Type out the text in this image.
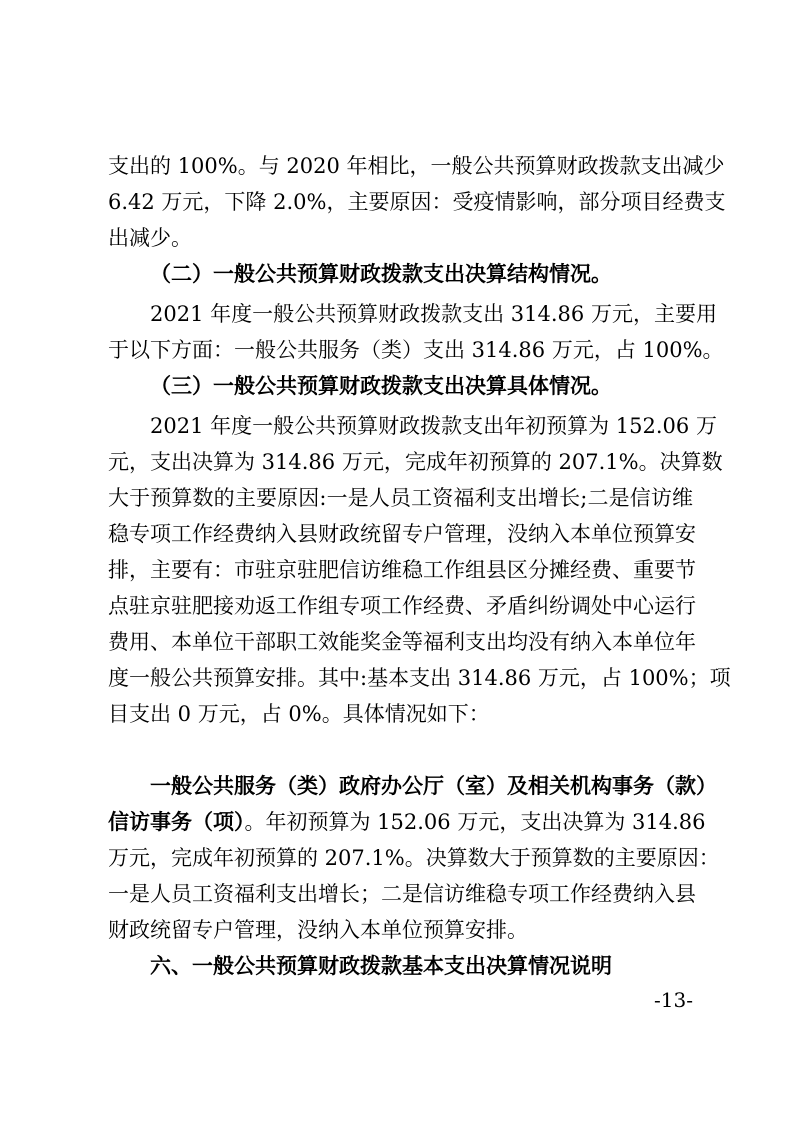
支出的 100%。与 2020 年相比，一般公共预算财政拨款支出减少
6.42 万元，下降 2.0%，主要原因：受疫情影响，部分项目经费支
出减少。
（二）一般公共预算财政拨款支出决算结构情况。
2021 年度一般公共预算财政拨款支出 314.86 万元，主要用
于以下方面：一般公共服务（类）支出 314.86 万元，占 100%。
（三）一般公共预算财政拨款支出决算具体情况。
2021 年度一般公共预算财政拨款支出年初预算为 152.06 万
元，支出决算为 314.86 万元，完成年初预算的 207.1%。决算数
大于预算数的主要原因:一是人员工资福利支出增长;二是信访维
稳专项工作经费纳入县财政统留专户管理，没纳入本单位预算安
排，主要有：市驻京驻肥信访维稳工作组县区分摊经费、重要节
点驻京驻肥接劝返工作组专项工作经费、矛盾纠纷调处中心运行
费用、本单位干部职工效能奖金等福利支出均没有纳入本单位年
度一般公共预算安排。其中:基本支出 314.86 万元，占 100%；项
目支出 0 万元，占 0%。具体情况如下：
一般公共服务（类）政府办公厅（室）及相关机构事务（款）
信访事务（项）。年初预算为 152.06 万元，支出决算为 314.86
万元，完成年初预算的 207.1%。决算数大于预算数的主要原因：
一是人员工资福利支出增长；二是信访维稳专项工作经费纳入县
财政统留专户管理，没纳入本单位预算安排。
六、一般公共预算财政拨款基本支出决算情况说明
-13-
